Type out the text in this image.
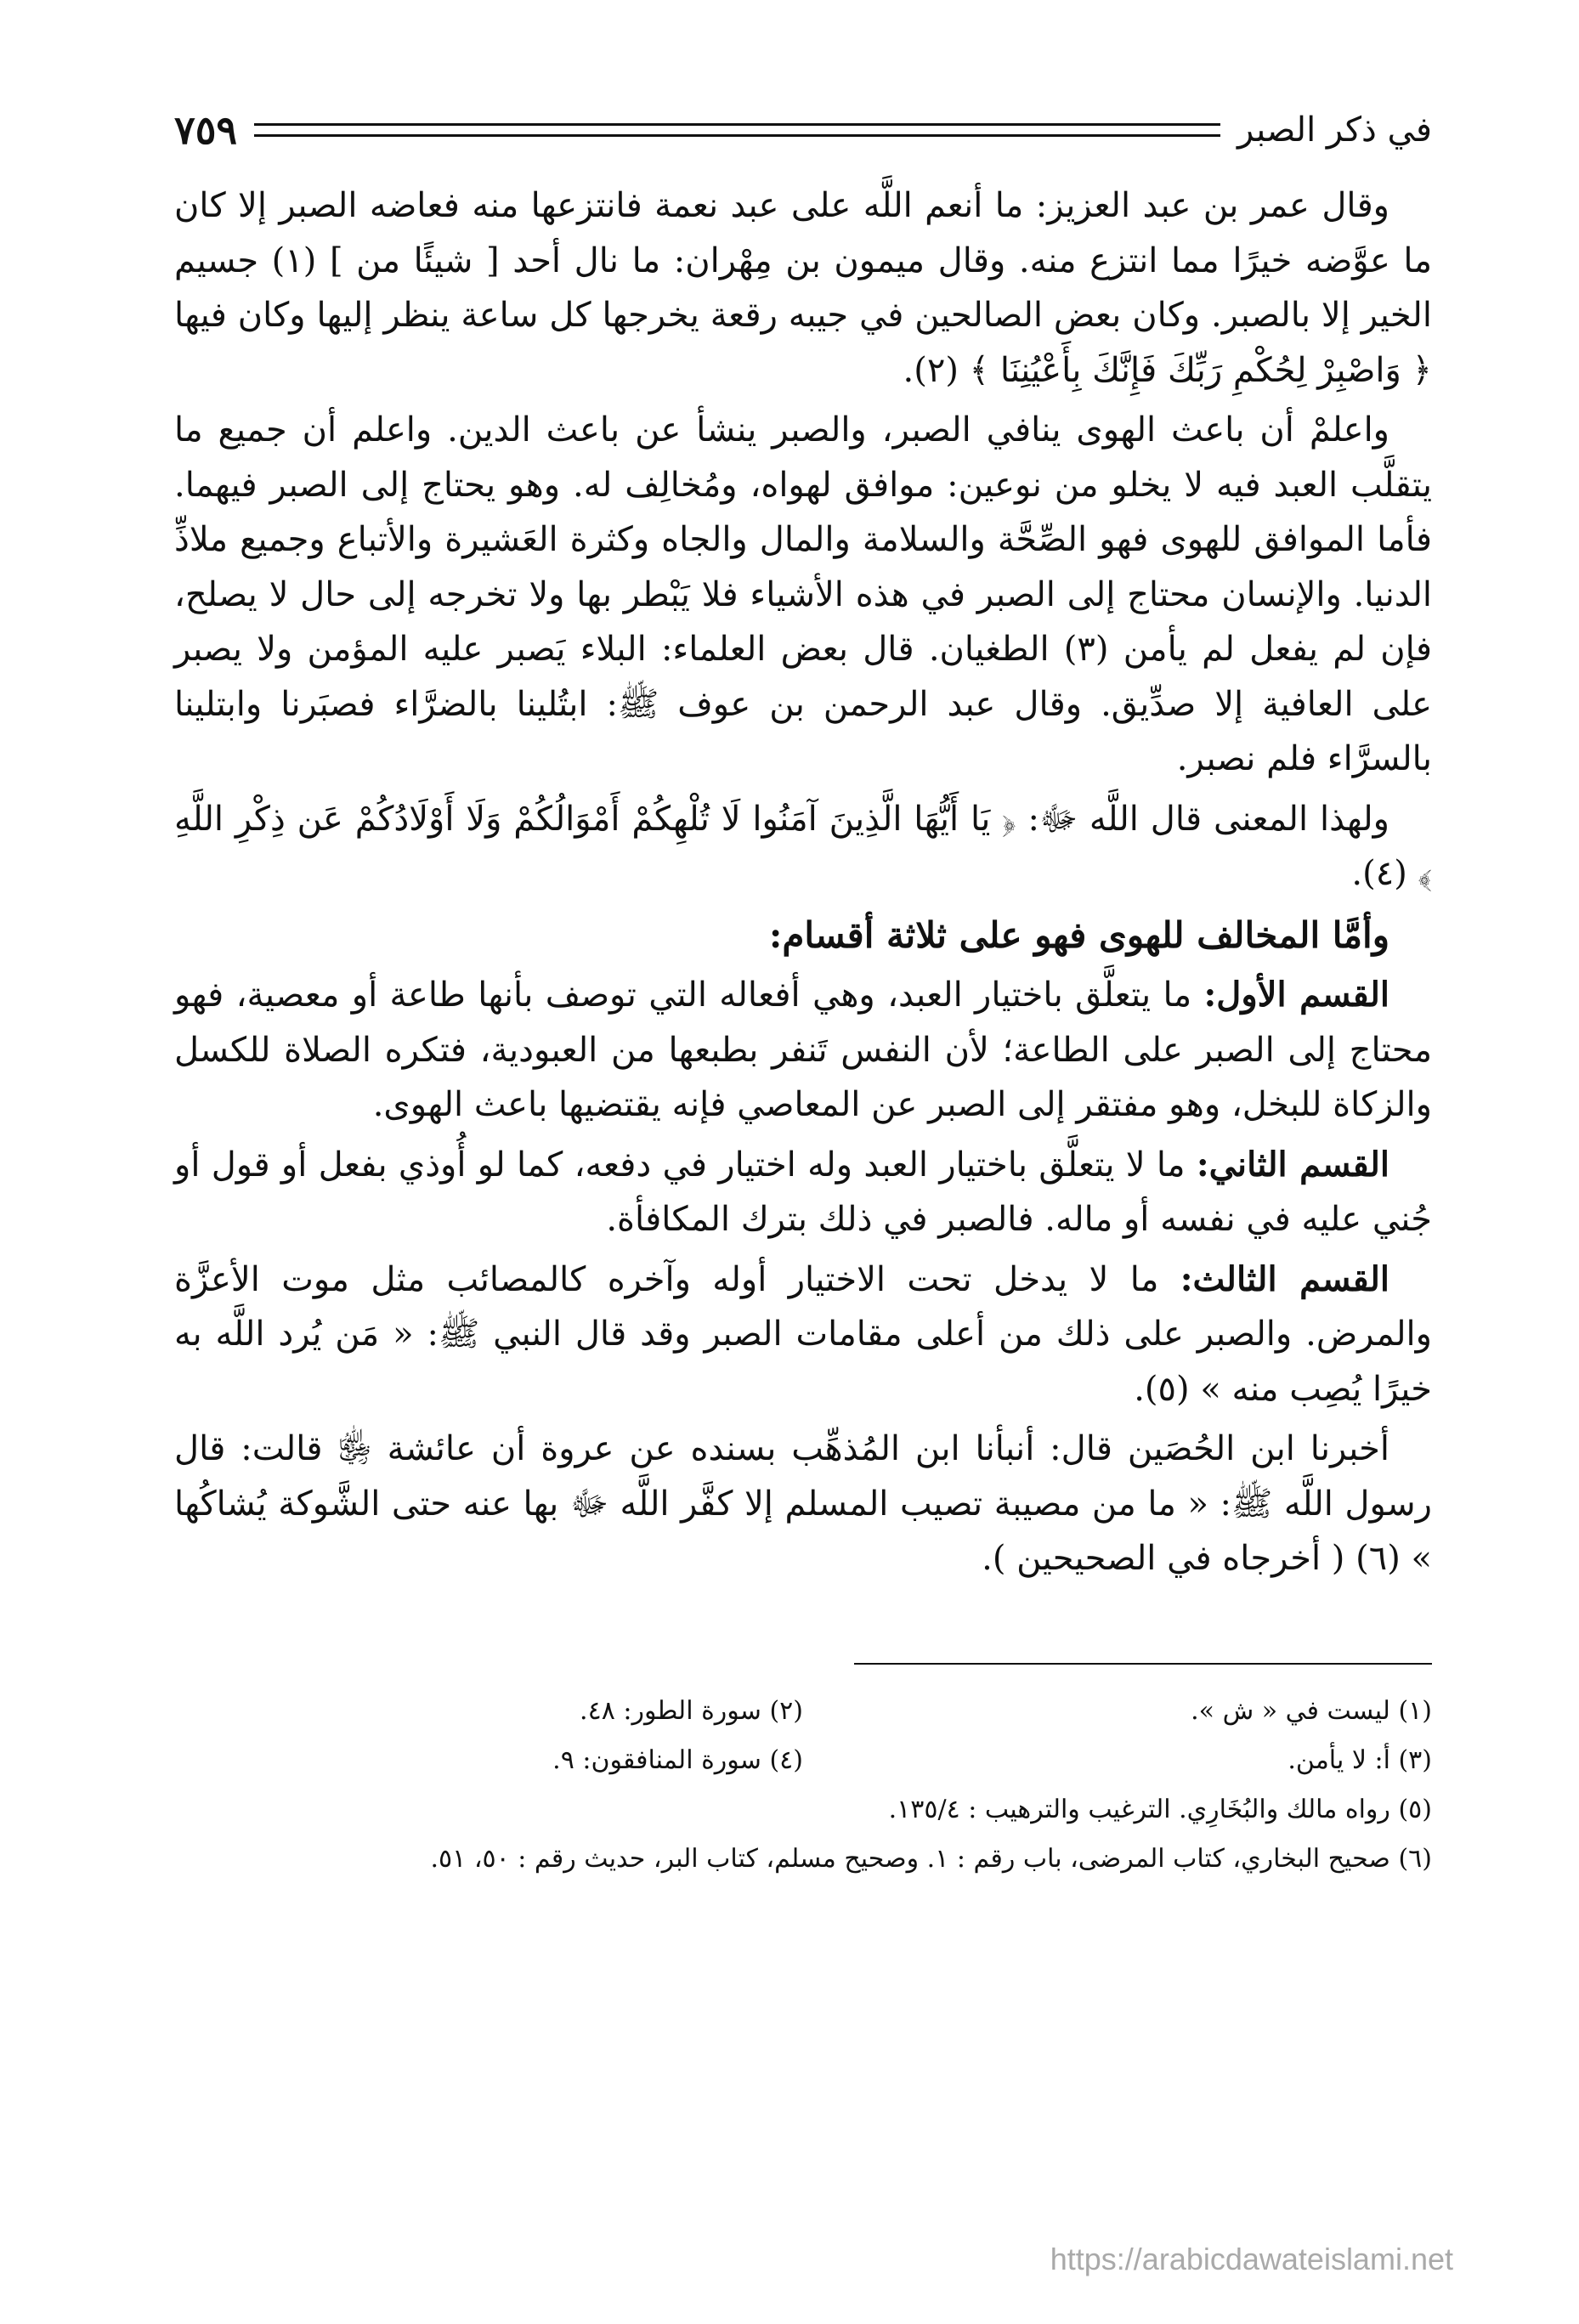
في ذكر الصبر
٧٥٩

وقال عمر بن عبد العزيز: ما أنعم اللَّه على عبد نعمة فانتزعها منه فعاضه الصبر إلا كان ما عوَّضه خيرًا مما انتزع منه. وقال ميمون بن مِهْران: ما نال أحد [ شيئًا من ] (١) جسيم الخير إلا بالصبر. وكان بعض الصالحين في جيبه رقعة يخرجها كل ساعة ينظر إليها وكان فيها ﴿ وَاصْبِرْ لِحُكْمِ رَبِّكَ فَإِنَّكَ بِأَعْيُنِنَا ﴾ (٢).

واعلمْ أن باعث الهوى ينافي الصبر، والصبر ينشأ عن باعث الدين. واعلم أن جميع ما يتقلَّب العبد فيه لا يخلو من نوعين: موافق لهواه، ومُخالِف له. وهو يحتاج إلى الصبر فيهما. فأما الموافق للهوى فهو الصِّحَّة والسلامة والمال والجاه وكثرة العَشيرة والأتباع وجميع ملاذِّ الدنيا. والإنسان محتاج إلى الصبر في هذه الأشياء فلا يَبْطر بها ولا تخرجه إلى حال لا يصلح، فإن لم يفعل لم يأمن (٣) الطغيان. قال بعض العلماء: البلاء يَصبر عليه المؤمن ولا يصبر على العافية إلا صدِّيق. وقال عبد الرحمن بن عوف ﷺ: ابتُلينا بالضرَّاء فصبَرنا وابتلينا بالسرَّاء فلم نصبر.

ولهذا المعنى قال اللَّه ﷻ: ﴿ يَا أَيُّهَا الَّذِينَ آمَنُوا لَا تُلْهِكُمْ أَمْوَالُكُمْ وَلَا أَوْلَادُكُمْ عَن ذِكْرِ اللَّهِ ﴾ (٤).

وأمَّا المخالف للهوى فهو على ثلاثة أقسام:

القسم الأول: ما يتعلَّق باختيار العبد، وهي أفعاله التي توصف بأنها طاعة أو معصية، فهو محتاج إلى الصبر على الطاعة؛ لأن النفس تَنفر بطبعها من العبودية، فتكره الصلاة للكسل والزكاة للبخل، وهو مفتقر إلى الصبر عن المعاصي فإنه يقتضيها باعث الهوى.

القسم الثاني: ما لا يتعلَّق باختيار العبد وله اختيار في دفعه، كما لو أُوذي بفعل أو قول أو جُني عليه في نفسه أو ماله. فالصبر في ذلك بترك المكافأة.

القسم الثالث: ما لا يدخل تحت الاختيار أوله وآخره كالمصائب مثل موت الأعزَّة والمرض. والصبر على ذلك من أعلى مقامات الصبر وقد قال النبي ﷺ: « مَن يُرد اللَّه به خيرًا يُصِب منه » (٥).

أخبرنا ابن الحُصَين قال: أنبأنا ابن المُذهِّب بسنده عن عروة أن عائشة ﵂ قالت: قال رسول اللَّه ﷺ: « ما من مصيبة تصيب المسلم إلا كفَّر اللَّه ﷻ بها عنه حتى الشَّوكة يُشاكُها » (٦) ( أخرجاه في الصحيحين ).

(١) ليست في « ش ».
(٢) سورة الطور: ٤٨.
(٣) أ: لا يأمن.
(٤) سورة المنافقون: ٩.
(٥) رواه مالك والبُخَارِي. الترغيب والترهيب : ١٣٥/٤.
(٦) صحيح البخاري، كتاب المرضى، باب رقم : ١. وصحيح مسلم، كتاب البر، حديث رقم : ٥٠، ٥١.
https://arabicdawateislami.net
